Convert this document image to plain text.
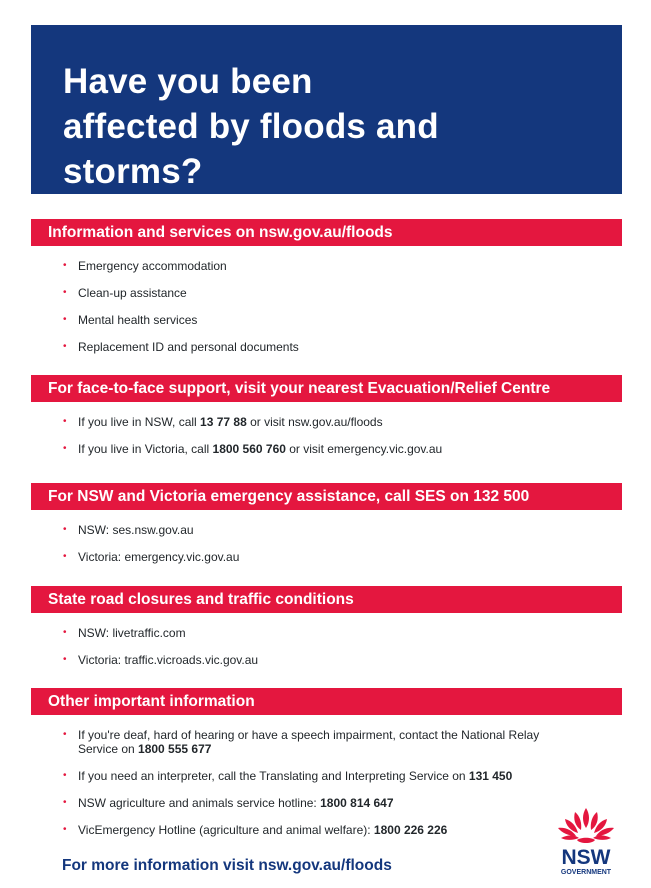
Have you been affected by floods and storms?
Information and services on nsw.gov.au/floods
• Emergency accommodation
• Clean-up assistance
• Mental health services
• Replacement ID and personal documents
For face-to-face support, visit your nearest Evacuation/Relief Centre
• If you live in NSW, call 13 77 88 or visit nsw.gov.au/floods
• If you live in Victoria, call 1800 560 760 or visit emergency.vic.gov.au
For NSW and Victoria emergency assistance, call SES on 132 500
• NSW: ses.nsw.gov.au
• Victoria: emergency.vic.gov.au
State road closures and traffic conditions
• NSW: livetraffic.com
• Victoria: traffic.vicroads.vic.gov.au
Other important information
• If you're deaf, hard of hearing or have a speech impairment, contact the National Relay Service on 1800 555 677
• If you need an interpreter, call the Translating and Interpreting Service on 131 450
• NSW agriculture and animals service hotline: 1800 814 647
• VicEmergency Hotline (agriculture and animal welfare): 1800 226 226
For more information visit nsw.gov.au/floods	NSW
GOVERNMENT
